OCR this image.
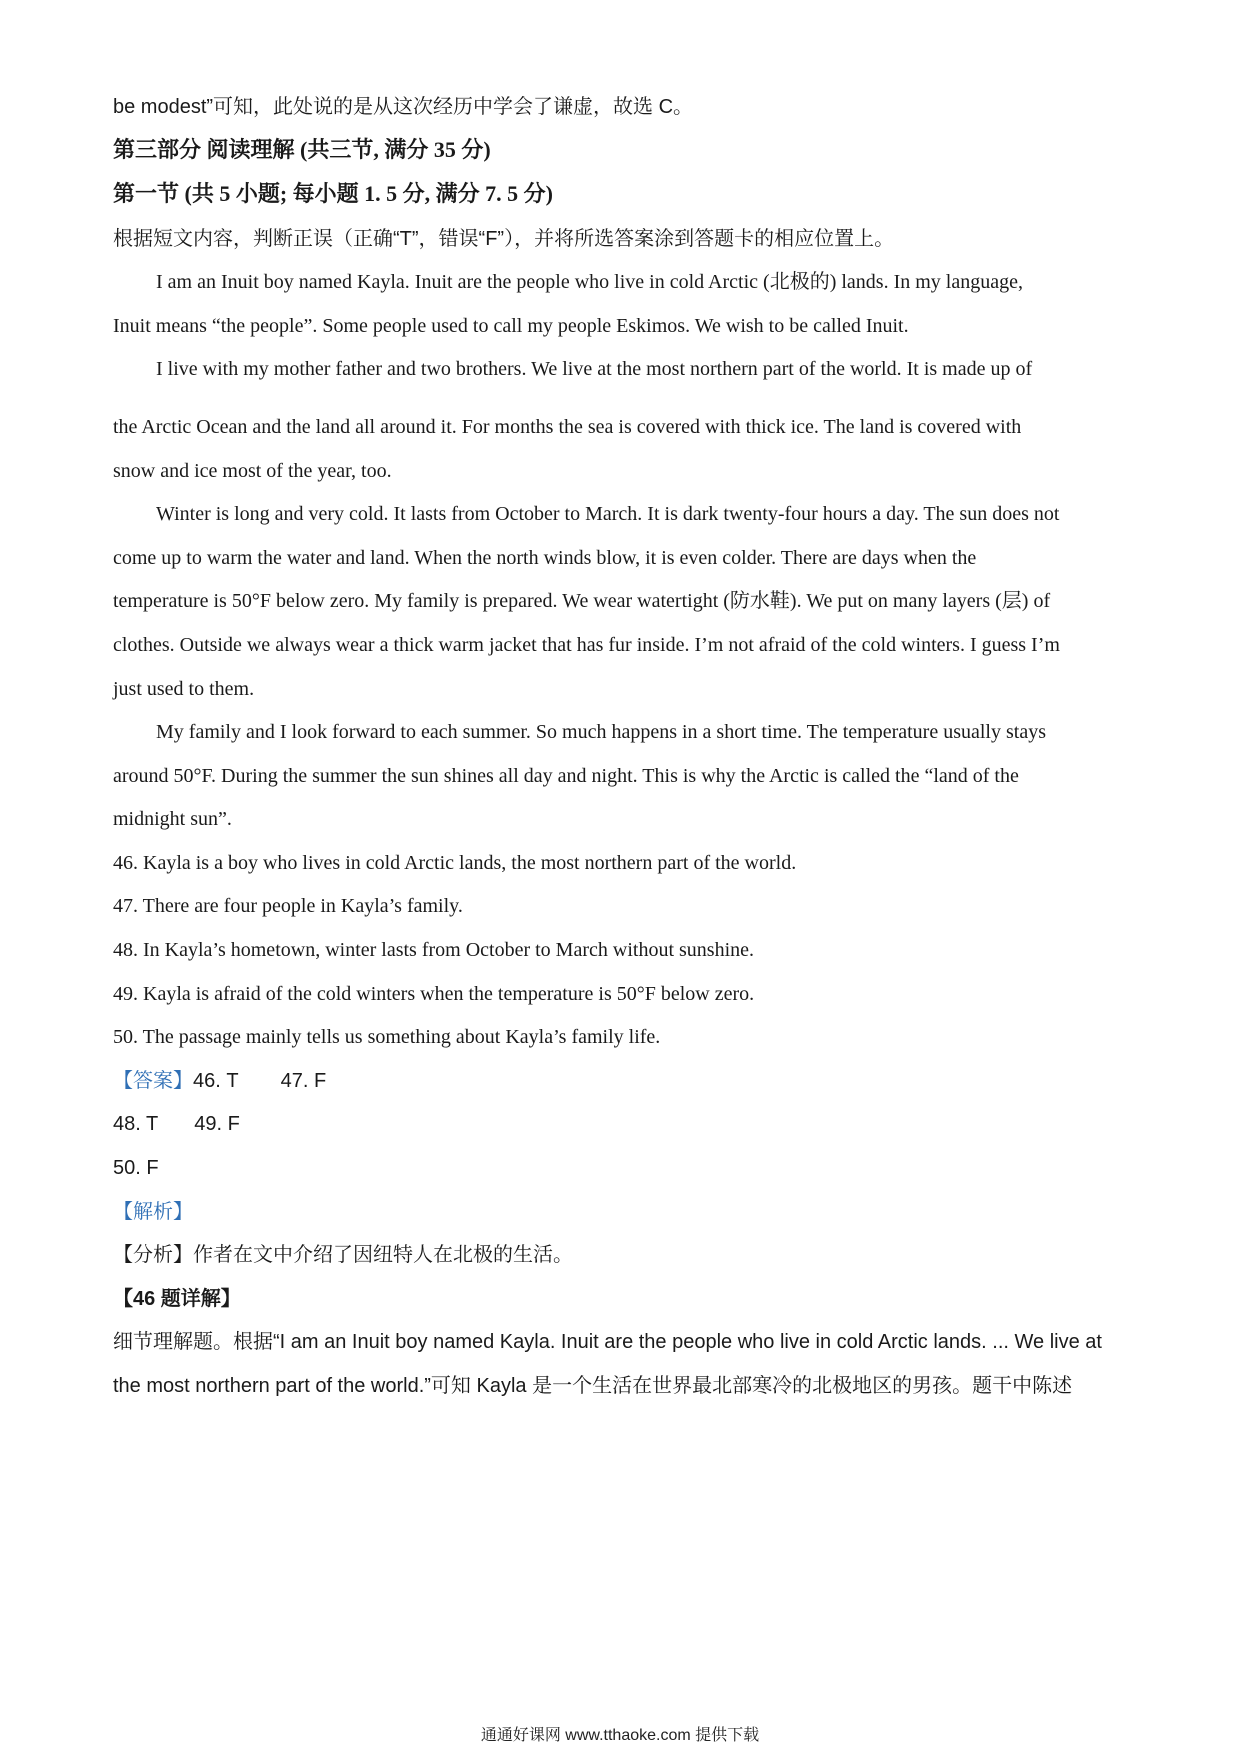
be modest”可知，此处说的是从这次经历中学会了谦虚，故选 C。
第三部分 阅读理解 (共三节, 满分 35 分)
第一节 (共 5 小题; 每小题 1. 5 分, 满分 7. 5 分)
根据短文内容，判断正误（正确“T”，错误“F”），并将所选答案涂到答题卡的相应位置上。
I am an Inuit boy named Kayla. Inuit are the people who live in cold Arctic (北极的) lands. In my language,
Inuit means “the people”. Some people used to call my people Eskimos. We wish to be called Inuit.
I live with my mother father and two brothers. We live at the most northern part of the world. It is made up of
the Arctic Ocean and the land all around it. For months the sea is covered with thick ice. The land is covered with
snow and ice most of the year, too.
Winter is long and very cold. It lasts from October to March. It is dark twenty-four hours a day. The sun does not
come up to warm the water and land. When the north winds blow, it is even colder. There are days when the
temperature is 50°F below zero. My family is prepared. We wear watertight (防水鞋). We put on many layers (层) of
clothes. Outside we always wear a thick warm jacket that has fur inside. I’m not afraid of the cold winters. I guess I’m
just used to them.
My family and I look forward to each summer. So much happens in a short time. The temperature usually stays
around 50°F. During the summer the sun shines all day and night. This is why the Arctic is called the “land of the
midnight sun”.
46. Kayla is a boy who lives in cold Arctic lands, the most northern part of the world.
47. There are four people in Kayla’s family.
48. In Kayla’s hometown, winter lasts from October to March without sunshine.
49. Kayla is afraid of the cold winters when the temperature is 50°F below zero.
50. The passage mainly tells us something about Kayla’s family life.
【答案】46. T 47. F
48. T 49. F
50. F
【解析】
【分析】作者在文中介绍了因纽特人在北极的生活。
【46 题详解】
细节理解题。根据“I am an Inuit boy named Kayla. Inuit are the people who live in cold Arctic lands. ... We live at
the most northern part of the world.”可知 Kayla 是一个生活在世界最北部寒冷的北极地区的男孩。题干中陈述
通通好课网 www.tthaoke.com 提供下载
